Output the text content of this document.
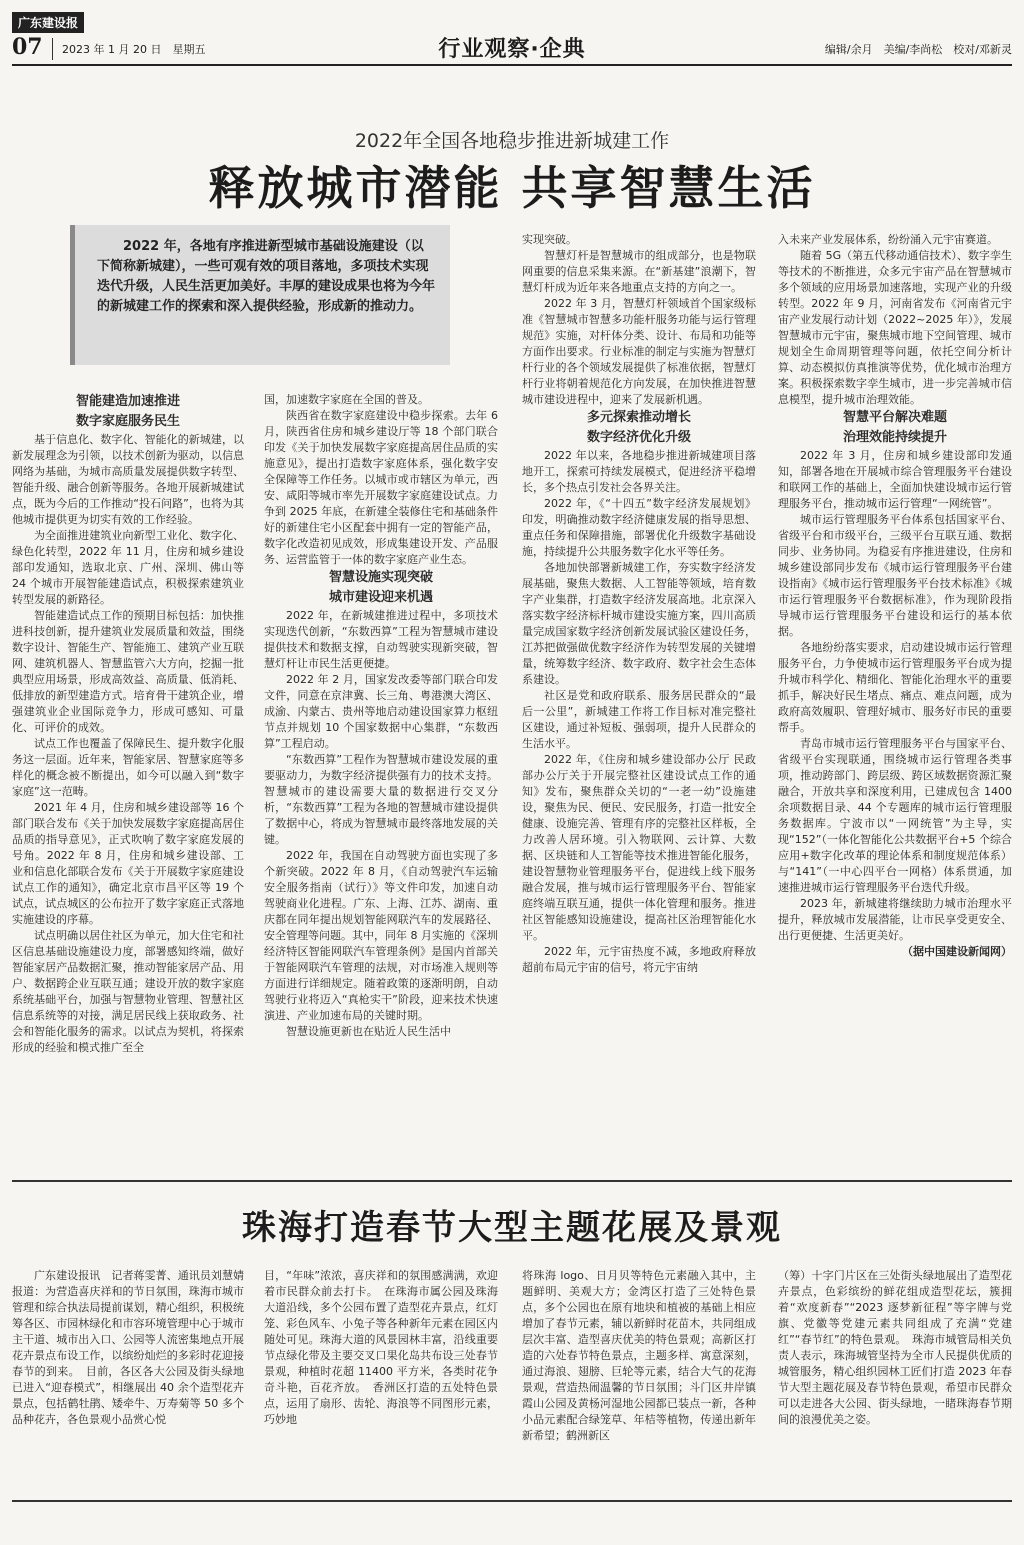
广东建设报
07 2023 年 1 月 20 日　星期五	行业观察·企典	编辑/余月　美编/李尚松　校对/邓新灵
2022年全国各地稳步推进新城建工作
释放城市潜能 共享智慧生活
2022 年，各地有序推进新型城市基础设施建设（以下简称新城建），一些可观有效的项目落地，多项技术实现迭代升级，人民生活更加美好。丰厚的建设成果也将为今年的新城建工作的探索和深入提供经验，形成新的推动力。

智能建造加速推进
数字家庭服务民生

基于信息化、数字化、智能化的新城建，以新发展理念为引领，以技术创新为驱动，以信息网络为基础，为城市高质量发展提供数字转型、智能升级、融合创新等服务。各地开展新城建试点，既为今后的工作推动“投石问路”，也将为其他城市提供更为切实有效的工作经验。

为全面推进建筑业向新型工业化、数字化、绿色化转型，2022 年 11 月，住房和城乡建设部印发通知，选取北京、广州、深圳、佛山等 24 个城市开展智能建造试点，积极探索建筑业转型发展的新路径。

智能建造试点工作的预期目标包括：加快推进科技创新，提升建筑业发展质量和效益，围绕数字设计、智能生产、智能施工、建筑产业互联网、建筑机器人、智慧监管六大方向，挖掘一批典型应用场景，形成高效益、高质量、低消耗、低排放的新型建造方式。培育骨干建筑企业，增强建筑业企业国际竞争力，形成可感知、可量化、可评价的成效。

试点工作也覆盖了保障民生、提升数字化服务这一层面。近年来，智能家居、智慧家庭等多样化的概念被不断提出，如今可以融入到“数字家庭”这一范畴。

2021 年 4 月，住房和城乡建设部等 16 个部门联合发布《关于加快发展数字家庭提高居住品质的指导意见》，正式吹响了数字家庭发展的号角。2022 年 8 月，住房和城乡建设部、工业和信息化部联合发布《关于开展数字家庭建设试点工作的通知》，确定北京市昌平区等 19 个试点，试点城区的公布拉开了数字家庭正式落地实施建设的序幕。

试点明确以居住社区为单元，加大住宅和社区信息基础设施建设力度，部署感知终端，做好智能家居产品数据汇聚，推动智能家居产品、用户、数据跨企业互联互通；建设开放的数字家庭系统基础平台，加强与智慧物业管理、智慧社区信息系统等的对接，满足居民线上获取政务、社会和智能化服务的需求。以试点为契机，将探索形成的经验和模式推广至全

国，加速数字家庭在全国的普及。

陕西省在数字家庭建设中稳步探索。去年 6 月，陕西省住房和城乡建设厅等 18 个部门联合印发《关于加快发展数字家庭提高居住品质的实施意见》，提出打造数字家庭体系，强化数字安全保障等工作任务。以城市或市辖区为单元，西安、咸阳等城市率先开展数字家庭建设试点。力争到 2025 年底，在新建全装修住宅和基础条件好的新建住宅小区配套中拥有一定的智能产品，数字化改造初见成效，形成集建设开发、产品服务、运营监管于一体的数字家庭产业生态。

智慧设施实现突破
城市建设迎来机遇

2022 年，在新城建推进过程中，多项技术实现迭代创新，“东数西算”工程为智慧城市建设提供技术和数据支撑，自动驾驶实现新突破，智慧灯杆让市民生活更便捷。

2022 年 2 月，国家发改委等部门联合印发文件，同意在京津冀、长三角、粤港澳大湾区、成渝、内蒙古、贵州等地启动建设国家算力枢纽节点并规划 10 个国家数据中心集群，“东数西算”工程启动。

“东数西算”工程作为智慧城市建设发展的重要驱动力，为数字经济提供强有力的技术支持。智慧城市的建设需要大量的数据进行交叉分析，“东数西算”工程为各地的智慧城市建设提供了数据中心，将成为智慧城市最终落地发展的关键。

2022 年，我国在自动驾驶方面也实现了多个新突破。2022 年 8 月，《自动驾驶汽车运输安全服务指南（试行）》等文件印发，加速自动驾驶商业化进程。广东、上海、江苏、湖南、重庆都在同年提出规划智能网联汽车的发展路径、安全管理等问题。其中，同年 8 月实施的《深圳经济特区智能网联汽车管理条例》是国内首部关于智能网联汽车管理的法规，对市场准入规则等方面进行详细规定。随着政策的逐渐明朗，自动驾驶行业将迈入“真枪实干”阶段，迎来技术快速演进、产业加速布局的关键时期。

智慧设施更新也在贴近人民生活中

实现突破。

智慧灯杆是智慧城市的组成部分，也是物联网重要的信息采集来源。在“新基建”浪潮下，智慧灯杆成为近年来各地重点支持的方向之一。

2022 年 3 月，智慧灯杆领域首个国家级标准《智慧城市智慧多功能杆服务功能与运行管理规范》实施，对杆体分类、设计、布局和功能等方面作出要求。行业标准的制定与实施为智慧灯杆行业的各个领域发展提供了标准依据，智慧灯杆行业将朝着规范化方向发展，在加快推进智慧城市建设进程中，迎来了发展新机遇。

多元探索推动增长
数字经济优化升级

2022 年以来，各地稳步推进新城建项目落地开工，探索可持续发展模式，促进经济平稳增长，多个热点引发社会各界关注。

2022 年，《“十四五”数字经济发展规划》印发，明确推动数字经济健康发展的指导思想、重点任务和保障措施，部署优化升级数字基础设施，持续提升公共服务数字化水平等任务。

各地加快部署新城建工作，夯实数字经济发展基础，聚焦大数据、人工智能等领域，培育数字产业集群，打造数字经济发展高地。北京深入落实数字经济标杆城市建设实施方案，四川高质量完成国家数字经济创新发展试验区建设任务，江苏把做强做优数字经济作为转型发展的关键增量，统筹数字经济、数字政府、数字社会生态体系建设。

社区是党和政府联系、服务居民群众的“最后一公里”，新城建工作将工作目标对准完整社区建设，通过补短板、强弱项，提升人民群众的生活水平。

2022 年，《住房和城乡建设部办公厅 民政部办公厅关于开展完整社区建设试点工作的通知》发布，聚焦群众关切的“一老一幼”设施建设，聚焦为民、便民、安民服务，打造一批安全健康、设施完善、管理有序的完整社区样板，全力改善人居环境。引入物联网、云计算、大数据、区块链和人工智能等技术推进智能化服务，建设智慧物业管理服务平台，促进线上线下服务融合发展，推与城市运行管理服务平台、智能家庭终端互联互通，提供一体化管理和服务。推进社区智能感知设施建设，提高社区治理智能化水平。

2022 年，元宇宙热度不减，多地政府释放超前布局元宇宙的信号，将元宇宙纳

入未来产业发展体系，纷纷涌入元宇宙赛道。

随着 5G（第五代移动通信技术）、数字孪生等技术的不断推进，众多元宇宙产品在智慧城市多个领域的应用场景加速落地，实现产业的升级转型。2022 年 9 月，河南省发布《河南省元宇宙产业发展行动计划（2022~2025 年）》，发展智慧城市元宇宙，聚焦城市地下空间管理、城市规划全生命周期管理等问题，依托空间分析计算、动态模拟仿真推演等优势，优化城市治理方案。积极探索数字孪生城市，进一步完善城市信息模型，提升城市治理效能。

智慧平台解决难题
治理效能持续提升

2022 年 3 月，住房和城乡建设部印发通知，部署各地在开展城市综合管理服务平台建设和联网工作的基础上，全面加快建设城市运行管理服务平台，推动城市运行管理“一网统管”。

城市运行管理服务平台体系包括国家平台、省级平台和市级平台，三级平台互联互通、数据同步、业务协同。为稳妥有序推进建设，住房和城乡建设部同步发布《城市运行管理服务平台建设指南》《城市运行管理服务平台技术标准》《城市运行管理服务平台数据标准》，作为现阶段指导城市运行管理服务平台建设和运行的基本依据。

各地纷纷落实要求，启动建设城市运行管理服务平台，力争使城市运行管理服务平台成为提升城市科学化、精细化、智能化治理水平的重要抓手，解决好民生堵点、痛点、难点问题，成为政府高效履职、管理好城市、服务好市民的重要帮手。

青岛市城市运行管理服务平台与国家平台、省级平台实现联通，围绕城市运行管理各类事项，推动跨部门、跨层级、跨区域数据资源汇聚融合，开放共享和深度利用，已建成包含 1400 余项数据目录、44 个专题库的城市运行管理服务数据库。宁波市以“一网统管”为主导，实现“152”（一体化智能化公共数据平台+5 个综合应用+数字化改革的理论体系和制度规范体系）与“141”（一中心四平台一网格）体系贯通，加速推进城市运行管理服务平台迭代升级。

2023 年，新城建将继续助力城市治理水平提升，释放城市发展潜能，让市民享受更安全、出行更便捷、生活更美好。

（据中国建设新闻网）

珠海打造春节大型主题花展及景观

广东建设报讯　记者蒋雯菁、通讯员刘慧婧报道：为营造喜庆祥和的节日氛围，珠海市城市管理和综合执法局提前谋划，精心组织，积极统筹各区、市园林绿化和市容环境管理中心于城市主干道、城市出入口、公园等人流密集地点开展花卉景点布设工作，以缤纷灿烂的多彩时花迎接春节的到来。　目前，各区各大公园及街头绿地已进入“迎春模式”，相继展出 40 余个造型花卉景点，包括鹤牡鹃、矮牵牛、万寿菊等 50 多个品种花卉，各色景观小品赏心悦

目，“年味”浓浓，喜庆祥和的氛围感满满，欢迎着市民群众前去打卡。　在珠海市属公园及珠海大道沿线，多个公园布置了造型花卉景点，红灯笼、彩色风车、小兔子等各种新年元素在园区内随处可见。珠海大道的风景园林丰富，沿线重要节点绿化带及主要交叉口果化岛共布设三处春节景观，种植时花超 11400 平方米，各类时花争奇斗艳，百花齐放。　香洲区打造的五处特色景点，运用了扇形、齿轮、海浪等不同图形元素，巧妙地

将珠海 logo、日月贝等特色元素融入其中，主题鲜明、美观大方；金湾区打造了三处特色景点，多个公园也在原有地块和植被的基础上相应增加了春节元素，辅以新鲜时花苗木，共同组成层次丰富、造型喜庆优美的特色景观；高新区打造的六处春节特色景点，主题多样、寓意深刻，通过海浪、翅膀、巨轮等元素，结合大气的花海景观，营造热闹温馨的节日氛围；斗门区井岸镇霞山公园及黄杨河湿地公园都已装点一新，各种小品元素配合绿笼草、年桔等植物，传递出新年新希望；鹤洲新区

（筹）十字门片区在三处街头绿地展出了造型花卉景点，色彩缤纷的鲜花组成造型花坛，簇拥着“欢度新春”“2023 逐梦新征程”等字牌与党旗、党徽等党建元素共同组成了充满“党建红”“春节红”的特色景观。　珠海市城管局相关负责人表示，珠海城管坚持为全市人民提供优质的城管服务，精心组织园林工匠们打造 2023 年春节大型主题花展及春节特色景观，希望市民群众可以走进各大公园、街头绿地，一睹珠海春节期间的浪漫优美之姿。
